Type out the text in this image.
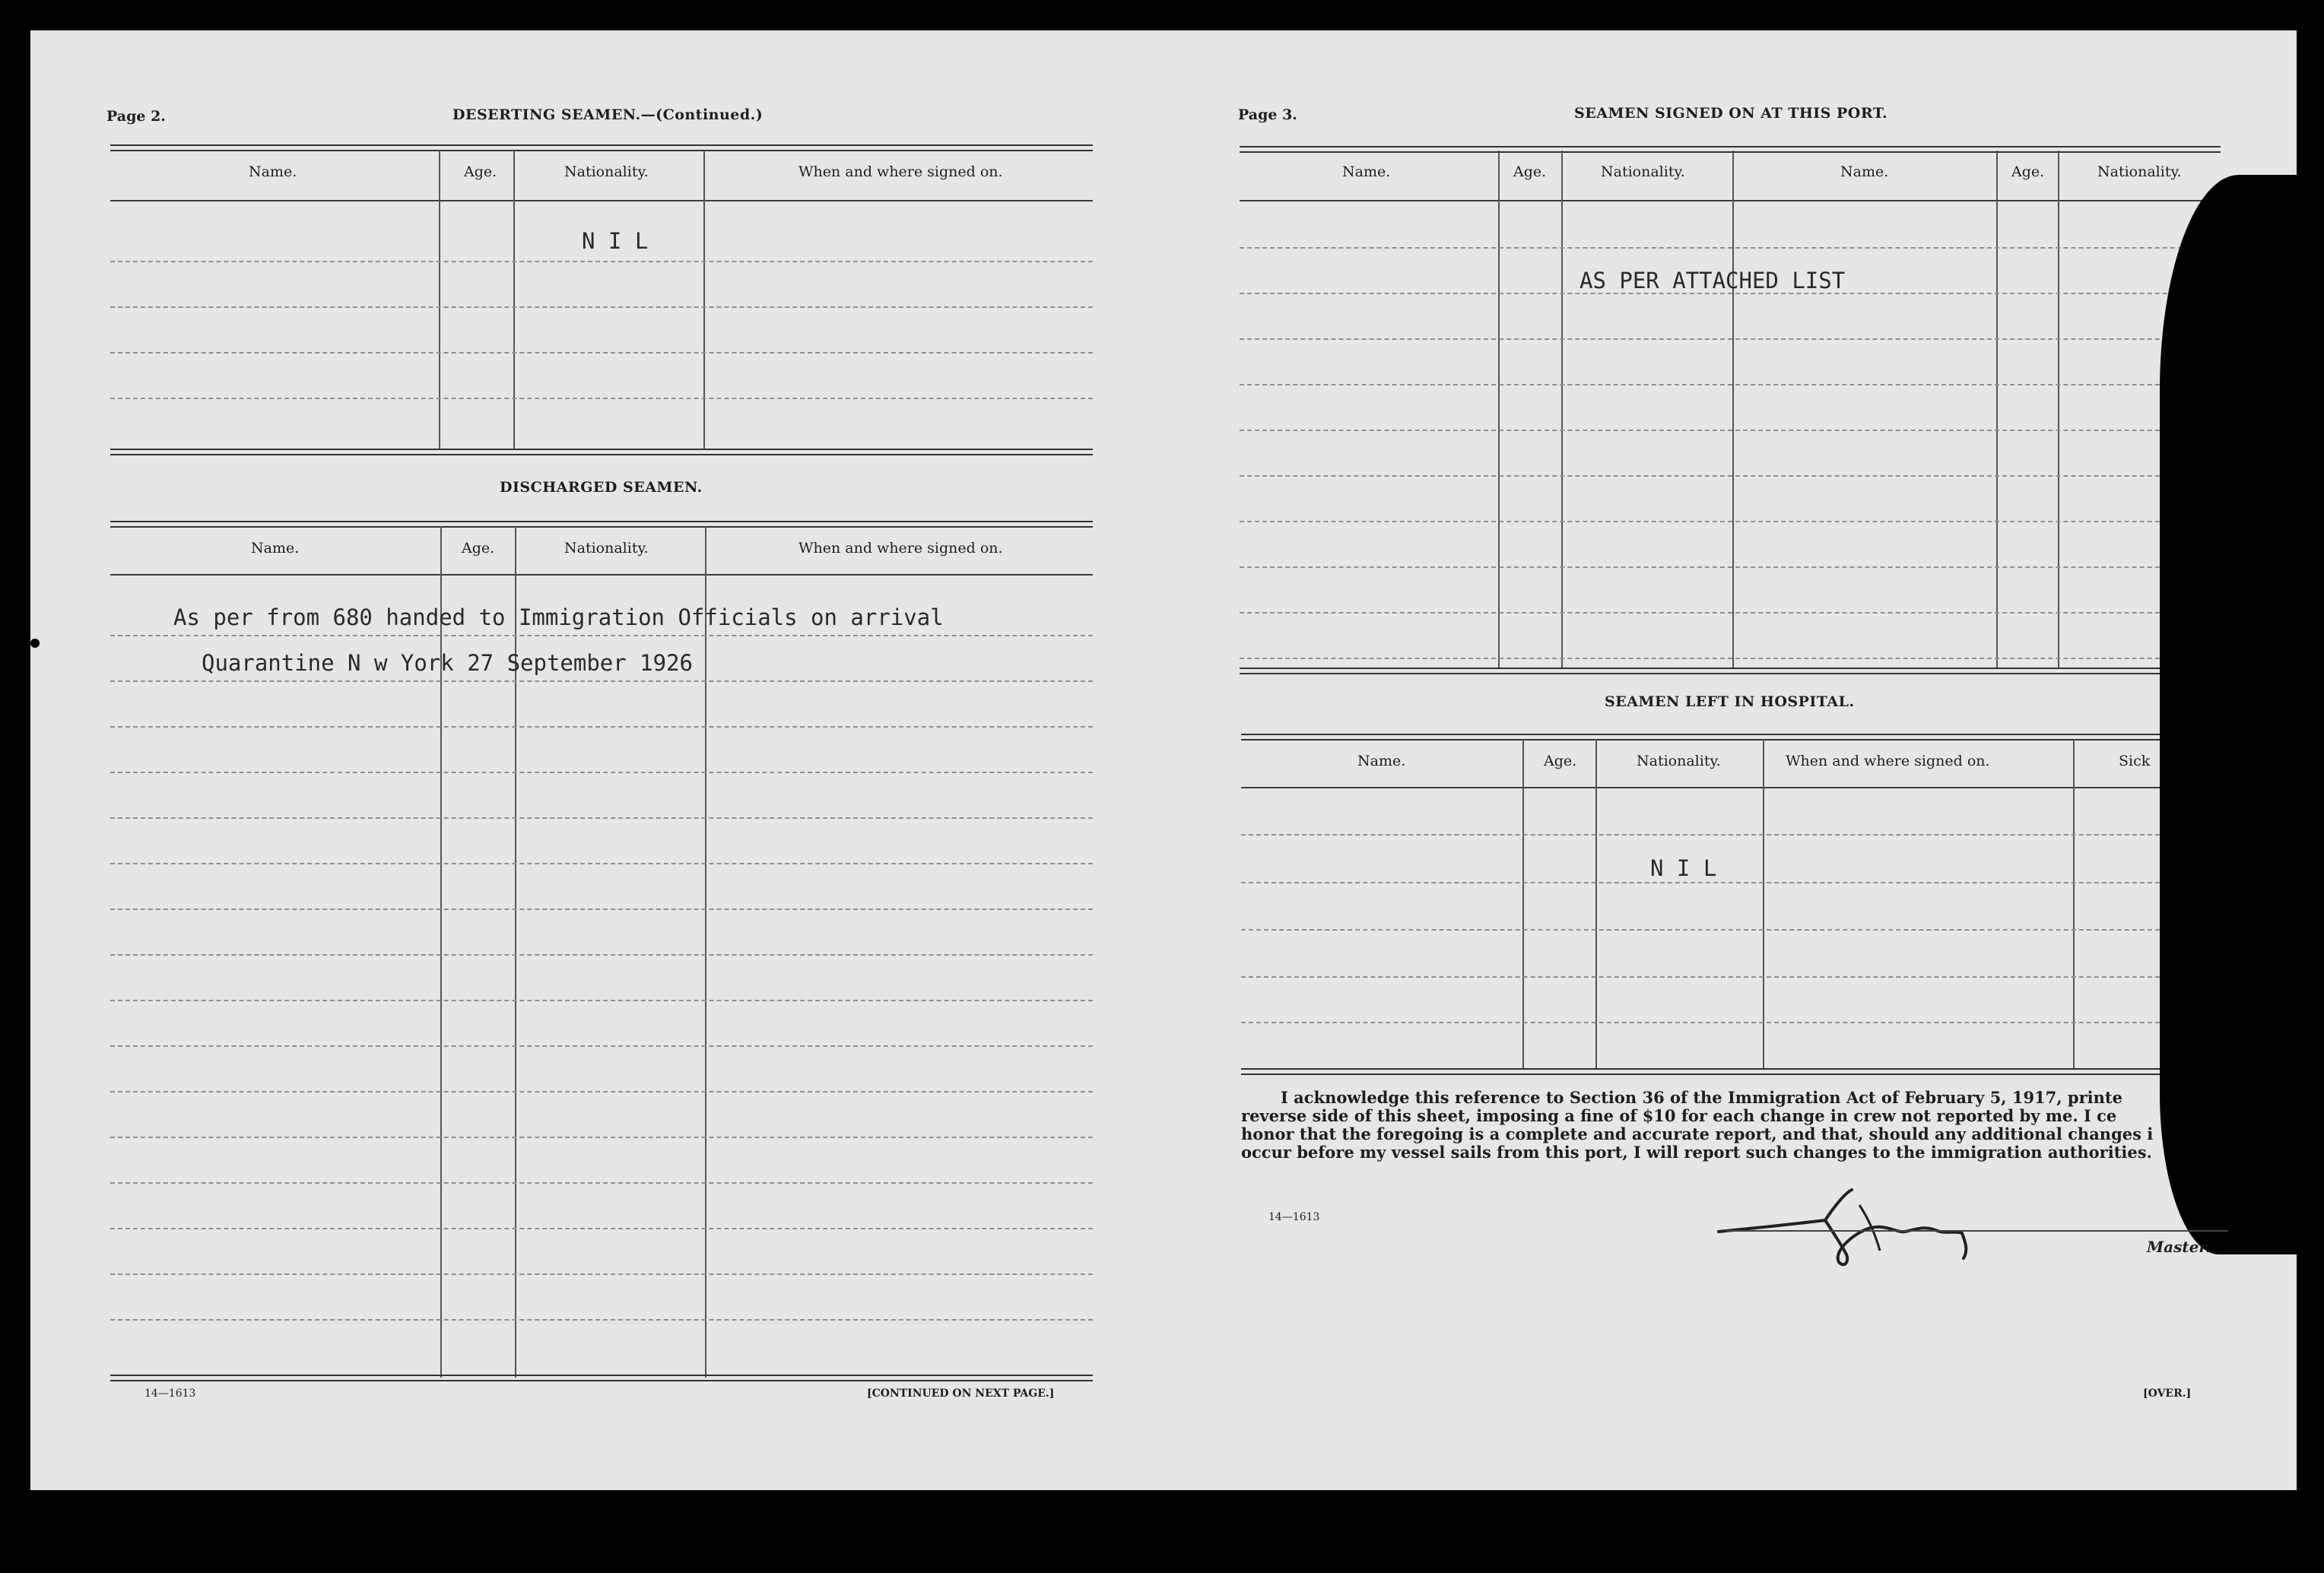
Page 2.	DESERTING SEAMEN.—(Continued.)
Name.	Age.	Nationality.	When and where signed on.
N I L
DISCHARGED SEAMEN.
Name.	Age.	Nationality.	When and where signed on.
As per from 680 handed to Immigration Officials on arrival
Quarantine N w York 27 September 1926
14—1613	[CONTINUED ON NEXT PAGE.]
Page 3.	SEAMEN SIGNED ON AT THIS PORT.
Name.	Age.	Nationality.	Name.	Age.	Nationality.
AS PER ATTACHED LIST
SEAMEN LEFT IN HOSPITAL.
Name.	Age.	Nationality.	When and where signed on.	Sick
N I L
I acknowledge this reference to Section 36 of the Immigration Act of February 5, 1917, printe
reverse side of this sheet, imposing a fine of $10 for each change in crew not reported by me. I ce
honor that the foregoing is a complete and accurate report, and that, should any additional changes i
occur before my vessel sails from this port, I will report such changes to the immigration authorities.
14—1613
Master.
[OVER.]
